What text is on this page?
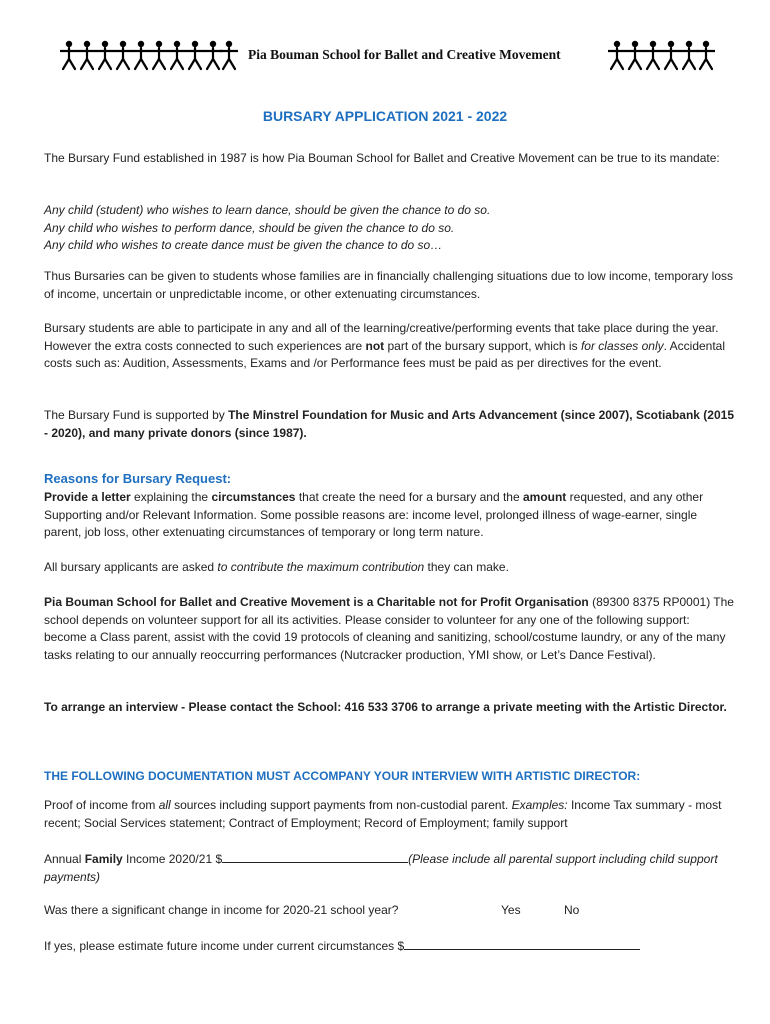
Pia Bouman School for Ballet and Creative Movement
BURSARY APPLICATION 2021 - 2022

The Bursary Fund established in 1987 is how Pia Bouman School for Ballet and Creative Movement can be true to its mandate:

Any child (student) who wishes to learn dance, should be given the chance to do so.
Any child who wishes to perform dance, should be given the chance to do so.
Any child who wishes to create dance must be given the chance to do so…

Thus Bursaries can be given to students whose families are in financially challenging situations due to low income, temporary loss of income, uncertain or unpredictable income, or other extenuating circumstances.

Bursary students are able to participate in any and all of the learning/creative/performing events that take place during the year. However the extra costs connected to such experiences are not part of the bursary support, which is for classes only. Accidental costs such as: Audition, Assessments, Exams and /or Performance fees must be paid as per directives for the event.

The Bursary Fund is supported by The Minstrel Foundation for Music and Arts Advancement (since 2007), Scotiabank (2015 - 2020), and many private donors (since 1987).

Reasons for Bursary Request:

Provide a letter explaining the circumstances that create the need for a bursary and the amount requested, and any other Supporting and/or Relevant Information. Some possible reasons are: income level, prolonged illness of wage-earner, single parent, job loss, other extenuating circumstances of temporary or long term nature.

All bursary applicants are asked to contribute the maximum contribution they can make.

Pia Bouman School for Ballet and Creative Movement is a Charitable not for Profit Organisation (89300 8375 RP0001) The school depends on volunteer support for all its activities. Please consider to volunteer for any one of the following support: become a Class parent, assist with the covid 19 protocols of cleaning and sanitizing, school/costume laundry, or any of the many tasks relating to our annually reoccurring performances (Nutcracker production, YMI show, or Let’s Dance Festival).

To arrange an interview - Please contact the School: 416 533 3706 to arrange a private meeting with the Artistic Director.

THE FOLLOWING DOCUMENTATION MUST ACCOMPANY YOUR INTERVIEW WITH ARTISTIC DIRECTOR:

Proof of income from all sources including support payments from non-custodial parent. Examples: Income Tax summary - most recent; Social Services statement; Contract of Employment; Record of Employment; family support

Annual Family Income 2020/21 $	(Please include all parental support including child support payments)

Was there a significant change in income for 2020-21 school year?	Yes	No

If yes, please estimate future income under current circumstances $
